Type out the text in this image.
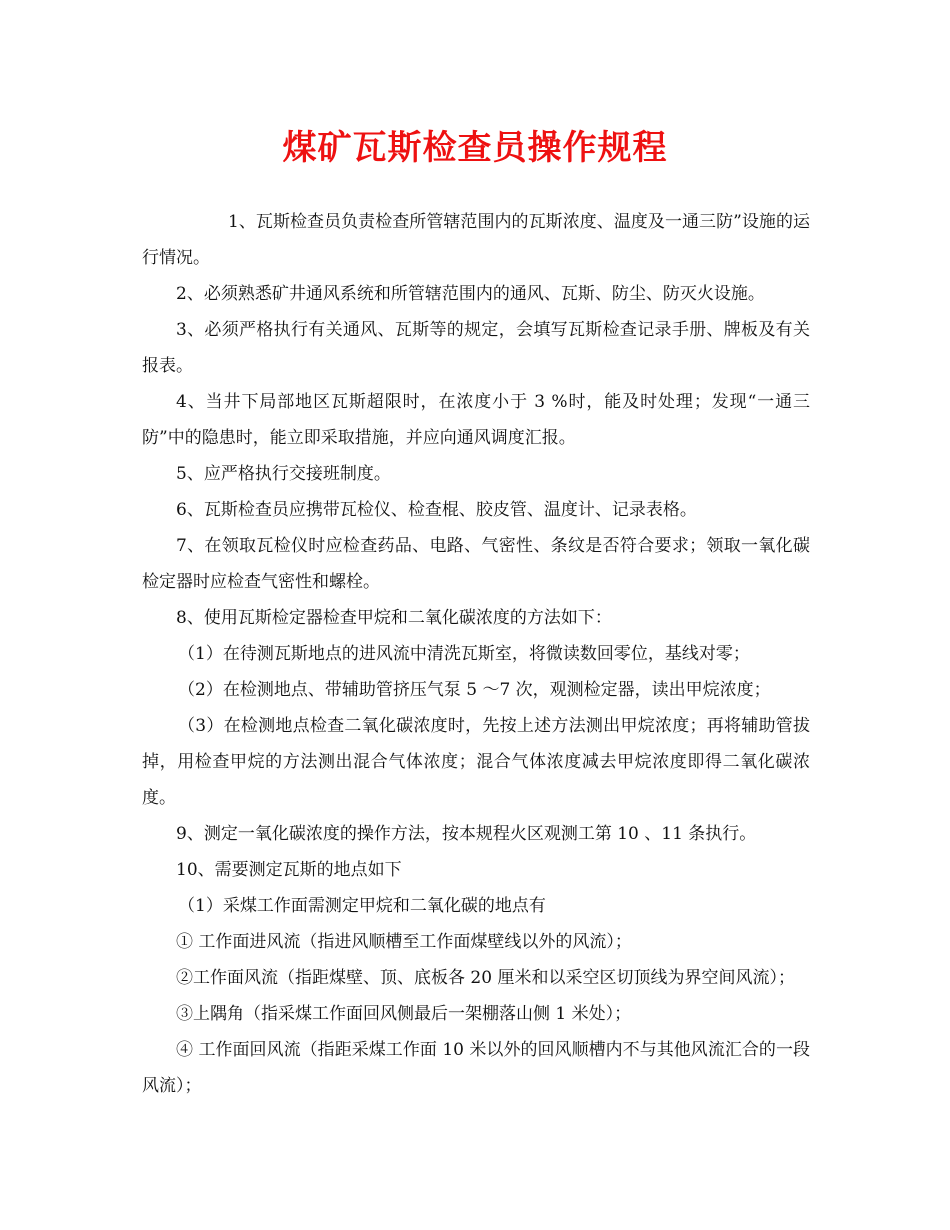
煤矿瓦斯检查员操作规程

1、瓦斯检查员负责检查所管辖范围内的瓦斯浓度、温度及一通三防”设施的运行情况。

2、必须熟悉矿井通风系统和所管辖范围内的通风、瓦斯、防尘、防灭火设施。

3、必须严格执行有关通风、瓦斯等的规定，会填写瓦斯检查记录手册、牌板及有关报表。

4、当井下局部地区瓦斯超限时，在浓度小于 3 %时，能及时处理；发现“一通三防”中的隐患时，能立即采取措施，并应向通风调度汇报。

5、应严格执行交接班制度。

6、瓦斯检查员应携带瓦检仪、检查棍、胶皮管、温度计、记录表格。

7、在领取瓦检仪时应检查药品、电路、气密性、条纹是否符合要求；领取一氧化碳检定器时应检查气密性和螺栓。

8、使用瓦斯检定器检查甲烷和二氧化碳浓度的方法如下：

（1）在待测瓦斯地点的进风流中清洗瓦斯室，将微读数回零位，基线对零；

（2）在检测地点、带辅助管挤压气泵 5 ～7 次，观测检定器，读出甲烷浓度；

（3）在检测地点检查二氧化碳浓度时，先按上述方法测出甲烷浓度；再将辅助管拔掉，用检查甲烷的方法测出混合气体浓度；混合气体浓度减去甲烷浓度即得二氧化碳浓度。

9、测定一氧化碳浓度的操作方法，按本规程火区观测工第 10 、11 条执行。

10、需要测定瓦斯的地点如下

（1）采煤工作面需测定甲烷和二氧化碳的地点有

① 工作面进风流（指进风顺槽至工作面煤壁线以外的风流）；

②工作面风流（指距煤壁、顶、底板各 20 厘米和以采空区切顶线为界空间风流）；

③上隅角（指采煤工作面回风侧最后一架棚落山侧 1 米处）；

④ 工作面回风流（指距采煤工作面 10 米以外的回风顺槽内不与其他风流汇合的一段风流）；
